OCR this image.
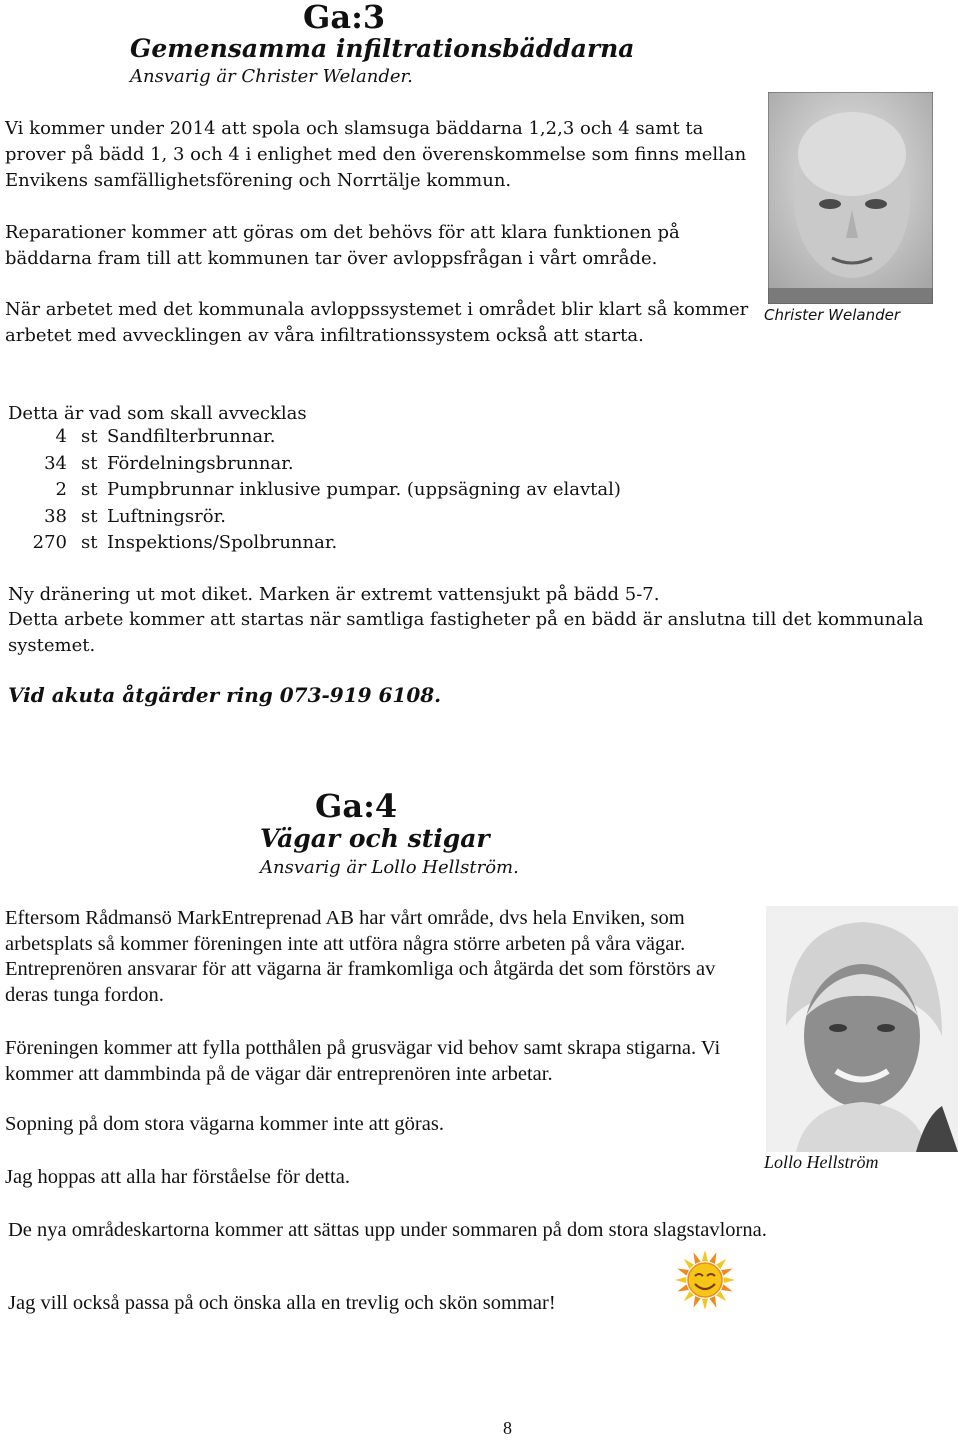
Ga:3
Gemensamma infiltrationsbäddarna
Ansvarig är Christer Welander.

Vi kommer under 2014 att spola och slamsuga bäddarna 1,2,3 och 4 samt ta prover på bädd 1, 3 och 4 i enlighet med den överenskommelse som finns mellan Envikens samfällighetsförening och Norrtälje kommun.

Reparationer kommer att göras om det behövs för att klara funktionen på bäddarna fram till att kommunen tar över avloppsfrågan i vårt område.

När arbetet med det kommunala avloppssystemet i området blir klart så kommer arbetet med avvecklingen av våra infiltrationssystem också att starta.

Christer Welander
Detta är vad som skall avvecklas
4 st Sandfilterbrunnar.
34 st Fördelningsbrunnar.
2 st Pumpbrunnar inklusive pumpar. (uppsägning av elavtal)
38 st Luftningsrör.
270 st Inspektions/Spolbrunnar.

Ny dränering ut mot diket. Marken är extremt vattensjukt på bädd 5-7.

Detta arbete kommer att startas när samtliga fastigheter på en bädd är anslutna till det kommunala systemet.

Vid akuta åtgärder ring 073-919 6108.
Ga:4
Vägar och stigar
Ansvarig är Lollo Hellström.

Eftersom Rådmansö MarkEntreprenad AB har vårt område, dvs hela Enviken, som arbetsplats så kommer föreningen inte att utföra några större arbeten på våra vägar. Entreprenören ansvarar för att vägarna är framkomliga och åtgärda det som förstörs av deras tunga fordon.

Föreningen kommer att fylla potthålen på grusvägar vid behov samt skrapa stigarna. Vi kommer att dammbinda på de vägar där entreprenören inte arbetar.

Sopning på dom stora vägarna kommer inte att göras.

Jag hoppas att alla har förståelse för detta.

Lollo Hellström

De nya områdeskartorna kommer att sättas upp under sommaren på dom stora slagstavlorna.

Jag vill också passa på och önska alla en trevlig och skön sommar!

8
